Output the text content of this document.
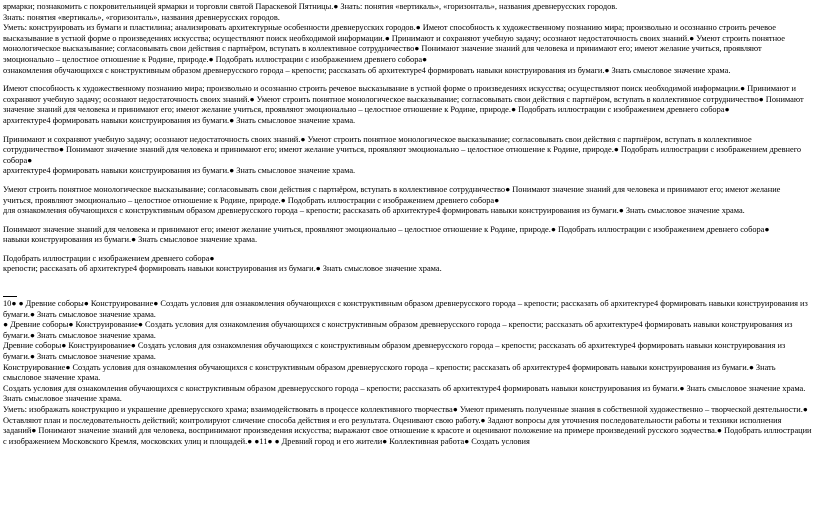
ярмарки; познакомить с покровительницей ярмарки и торговли святой Параскевой Пятницы.● Знать: понятия «вертикаль», «горизонталь», названия древнерусских городов.

Знать: понятия «вертикаль», «горизонталь», названия древнерусских городов.

Уметь: конструировать из бумаги и пластилина; анализировать архитектурные особенности древнерусских городов.● Имеют способность к художественному познанию мира; произвольно и осознанно строить речевое высказывание в устной форме о произведениях искусства; осуществляют поиск необходимой информации.● Принимают и сохраняют учебную задачу; осознают недостаточность своих знаний.● Умеют строить понятное монологическое высказывание; согласовывать свои действия с партнёром, вступать в коллективное сотрудничество● Понимают значение знаний для человека и принимают его; имеют желание учиться, проявляют эмоционально – целостное отношение к Родине, природе.● Подобрать иллюстрации с изображением древнего собора●

ознакомления обучающихся с конструктивным образом древнерусского города – крепости; рассказать об архитектуре4 формировать навыки конструирования из бумаги.● Знать смысловое значение храма.

Имеют способность к художественному познанию мира; произвольно и осознанно строить речевое высказывание в устной форме о произведениях искусства; осуществляют поиск необходимой информации.● Принимают и сохраняют учебную задачу; осознают недостаточность своих знаний.● Умеют строить понятное монологическое высказывание; согласовывать свои действия с партнёром, вступать в коллективное сотрудничество● Понимают значение знаний для человека и принимают его; имеют желание учиться, проявляют эмоционально – целостное отношение к Родине, природе.● Подобрать иллюстрации с изображением древнего собора●

архитектуре4 формировать навыки конструирования из бумаги.● Знать смысловое значение храма.

Принимают и сохраняют учебную задачу; осознают недостаточность своих знаний.● Умеют строить понятное монологическое высказывание; согласовывать свои действия с партнёром, вступать в коллективное сотрудничество● Понимают значение знаний для человека и принимают его; имеют желание учиться, проявляют эмоционально – целостное отношение к Родине, природе.● Подобрать иллюстрации с изображением древнего собора●

архитектуре4 формировать навыки конструирования из бумаги.● Знать смысловое значение храма.

Умеют строить понятное монологическое высказывание; согласовывать свои действия с партнёром, вступать в коллективное сотрудничество● Понимают значение знаний для человека и принимают его; имеют желание учиться, проявляют эмоционально – целостное отношение к Родине, природе.● Подобрать иллюстрации с изображением древнего собора●

для ознакомления обучающихся с конструктивным образом древнерусского города – крепости; рассказать об архитектуре4 формировать навыки конструирования из бумаги.● Знать смысловое значение храма.

Понимают значение знаний для человека и принимают его; имеют желание учиться, проявляют эмоционально – целостное отношение к Родине, природе.● Подобрать иллюстрации с изображением древнего собора●

навыки конструирования из бумаги.● Знать смысловое значение храма.

Подобрать иллюстрации с изображением древнего собора●

крепости; рассказать об архитектуре4 формировать навыки конструирования из бумаги.● Знать смысловое значение храма.

10● ● Древние соборы● Конструирование● Создать условия для ознакомления обучающихся с конструктивным образом древнерусского города – крепости; рассказать об архитектуре4 формировать навыки конструирования из бумаги.● Знать смысловое значение храма.

● Древние соборы● Конструирование● Создать условия для ознакомления обучающихся с конструктивным образом древнерусского города – крепости; рассказать об архитектуре4 формировать навыки конструирования из бумаги.● Знать смысловое значение храма.

Древние соборы● Конструирование● Создать условия для ознакомления обучающихся с конструктивным образом древнерусского города – крепости; рассказать об архитектуре4 формировать навыки конструирования из бумаги.● Знать смысловое значение храма.

Конструирование● Создать условия для ознакомления обучающихся с конструктивным образом древнерусского города – крепости; рассказать об архитектуре4 формировать навыки конструирования из бумаги.● Знать смысловое значение храма.

Создать условия для ознакомления обучающихся с конструктивным образом древнерусского города – крепости; рассказать об архитектуре4 формировать навыки конструирования из бумаги.● Знать смысловое значение храма.

Знать смысловое значение храма.

Уметь: изображать конструкцию и украшение древнерусского храма; взаимодействовать в процессе коллективного творчества● Умеют применять полученные знания в собственной художественно – творческой деятельности.● Оставляют план и последовательность действий; контролируют сличение способа действия и его результата. Оценивают свою работу.● Задают вопросы для уточнения последовательности работы и техники исполнения заданий● Понимают значение знаний для человека, воспринимают произведения искусства; выражают свое отношение к красоте и оценивают положение на примере произведений русского зодчества.● Подобрать иллюстрации с изображением Московского Кремля, московских улиц и площадей.● ●11● ● Древний город и его жители● Коллективная работа● Создать условия
